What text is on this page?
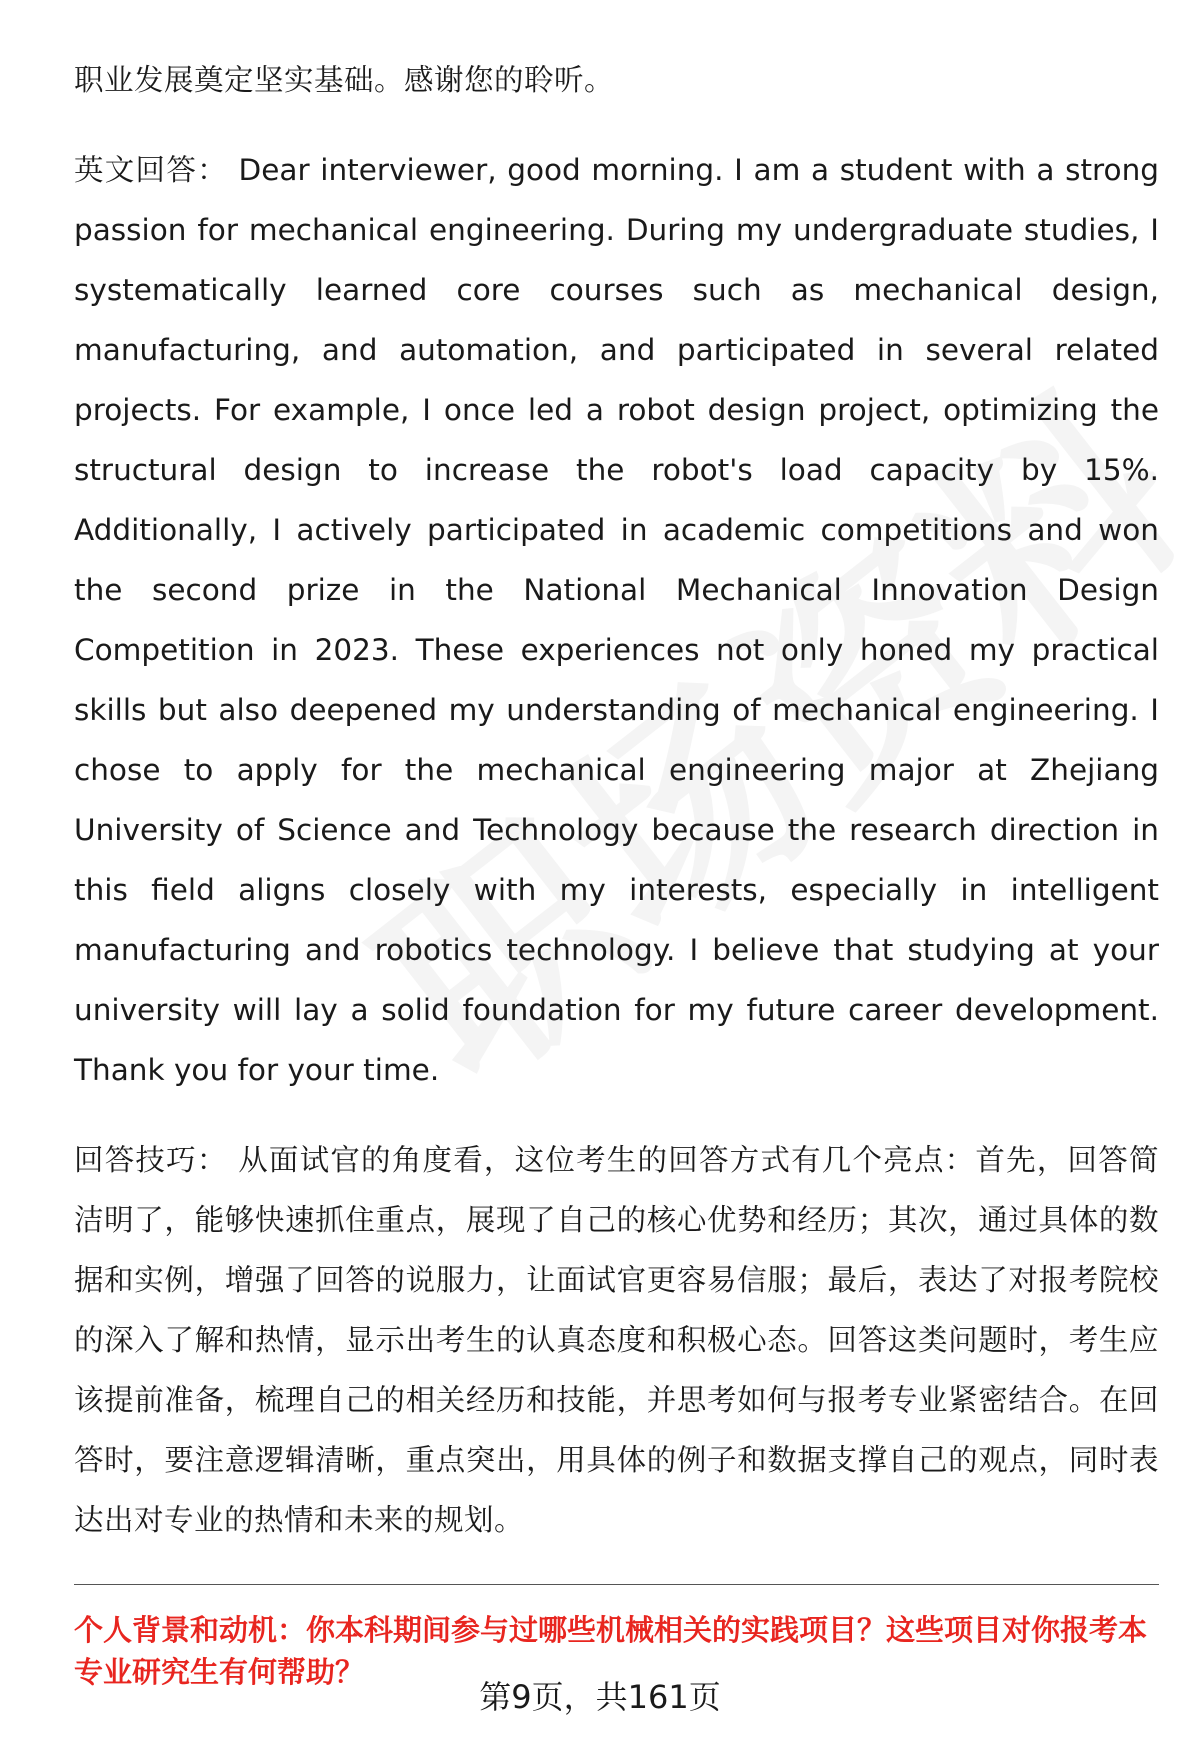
职业发展奠定坚实基础。感谢您的聆听。

英文回答： Dear interviewer, good morning. I am a student with a strong passion for mechanical engineering. During my undergraduate studies, I systematically learned core courses such as mechanical design, manufacturing, and automation, and participated in several related projects. For example, I once led a robot design project, optimizing the structural design to increase the robot's load capacity by 15%. Additionally, I actively participated in academic competitions and won the second prize in the National Mechanical Innovation Design Competition in 2023. These experiences not only honed my practical skills but also deepened my understanding of mechanical engineering. I chose to apply for the mechanical engineering major at Zhejiang University of Science and Technology because the research direction in this field aligns closely with my interests, especially in intelligent manufacturing and robotics technology. I believe that studying at your university will lay a solid foundation for my future career development. Thank you for your time.

回答技巧： 从面试官的角度看，这位考生的回答方式有几个亮点：首先，回答简洁明了，能够快速抓住重点，展现了自己的核心优势和经历；其次，通过具体的数据和实例，增强了回答的说服力，让面试官更容易信服；最后，表达了对报考院校的深入了解和热情，显示出考生的认真态度和积极心态。回答这类问题时，考生应该提前准备，梳理自己的相关经历和技能，并思考如何与报考专业紧密结合。在回答时，要注意逻辑清晰，重点突出，用具体的例子和数据支撑自己的观点，同时表达出对专业的热情和未来的规划。

个人背景和动机：你本科期间参与过哪些机械相关的实践项目？这些项目对你报考本专业研究生有何帮助？

第9页，共161页
